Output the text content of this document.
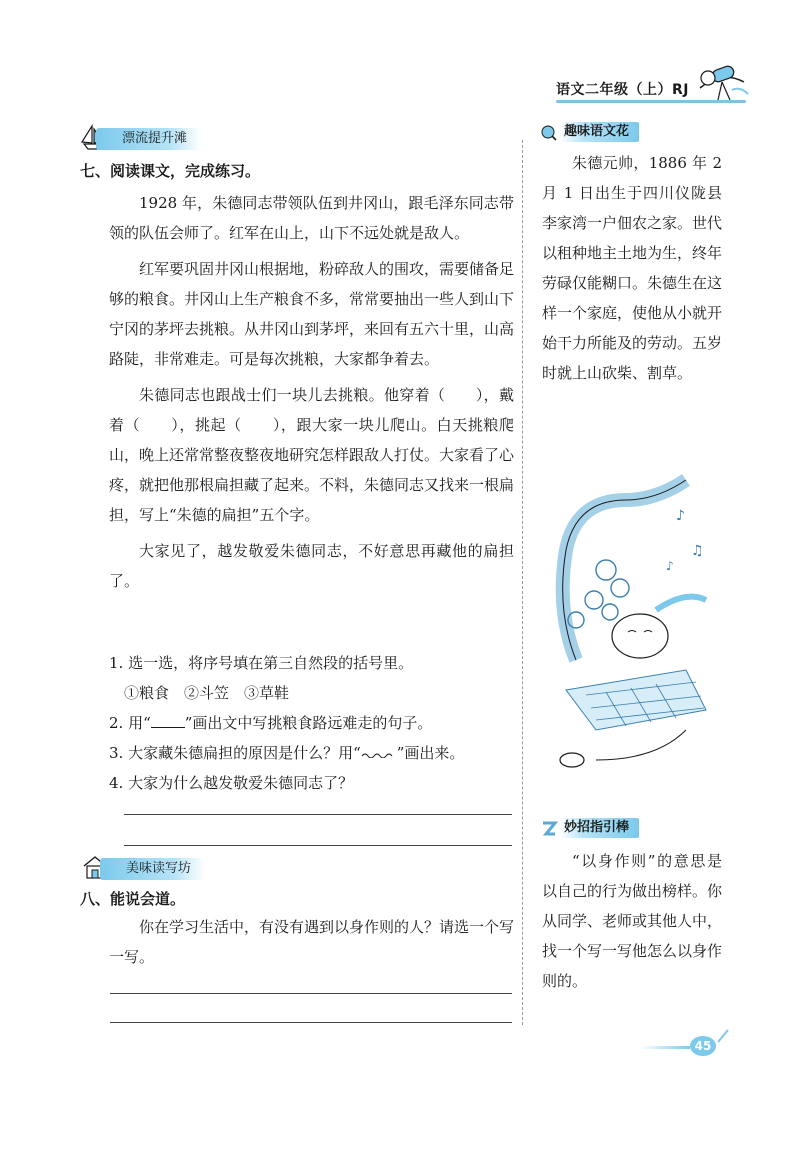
语文二年级（上）RJ
漂流提升滩
七、阅读课文，完成练习。

1928 年，朱德同志带领队伍到井冈山，跟毛泽东同志带领的队伍会师了。红军在山上，山下不远处就是敌人。

红军要巩固井冈山根据地，粉碎敌人的围攻，需要储备足够的粮食。井冈山上生产粮食不多，常常要抽出一些人到山下宁冈的茅坪去挑粮。从井冈山到茅坪，来回有五六十里，山高路陡，非常难走。可是每次挑粮，大家都争着去。

朱德同志也跟战士们一块儿去挑粮。他穿着（　　），戴着（　　），挑起（　　），跟大家一块儿爬山。白天挑粮爬山，晚上还常常整夜整夜地研究怎样跟敌人打仗。大家看了心疼，就把他那根扁担藏了起来。不料，朱德同志又找来一根扁担，写上“朱德的扁担”五个字。

大家见了，越发敬爱朱德同志，不好意思再藏他的扁担了。

1. 选一选，将序号填在第三自然段的括号里。
①粮食　②斗笠　③草鞋
2. 用“ ”画出文中写挑粮食路远难走的句子。
3. 大家藏朱德扁担的原因是什么？用“ ”画出来。
4. 大家为什么越发敬爱朱德同志了？
美味读写坊
八、能说会道。

你在学习生活中，有没有遇到以身作则的人？请选一个写一写。

趣味语文花

朱德元帅，1886 年 2 月 1 日出生于四川仪陇县李家湾一户佃农之家。世代以租种地主土地为生，终年劳碌仅能糊口。朱德生在这样一个家庭，使他从小就开始干力所能及的劳动。五岁时就上山砍柴、割草。

♪
♫
♪
妙招指引棒

“以身作则”的意思是以自己的行为做出榜样。你从同学、老师或其他人中，找一个写一写他怎么以身作则的。

45
